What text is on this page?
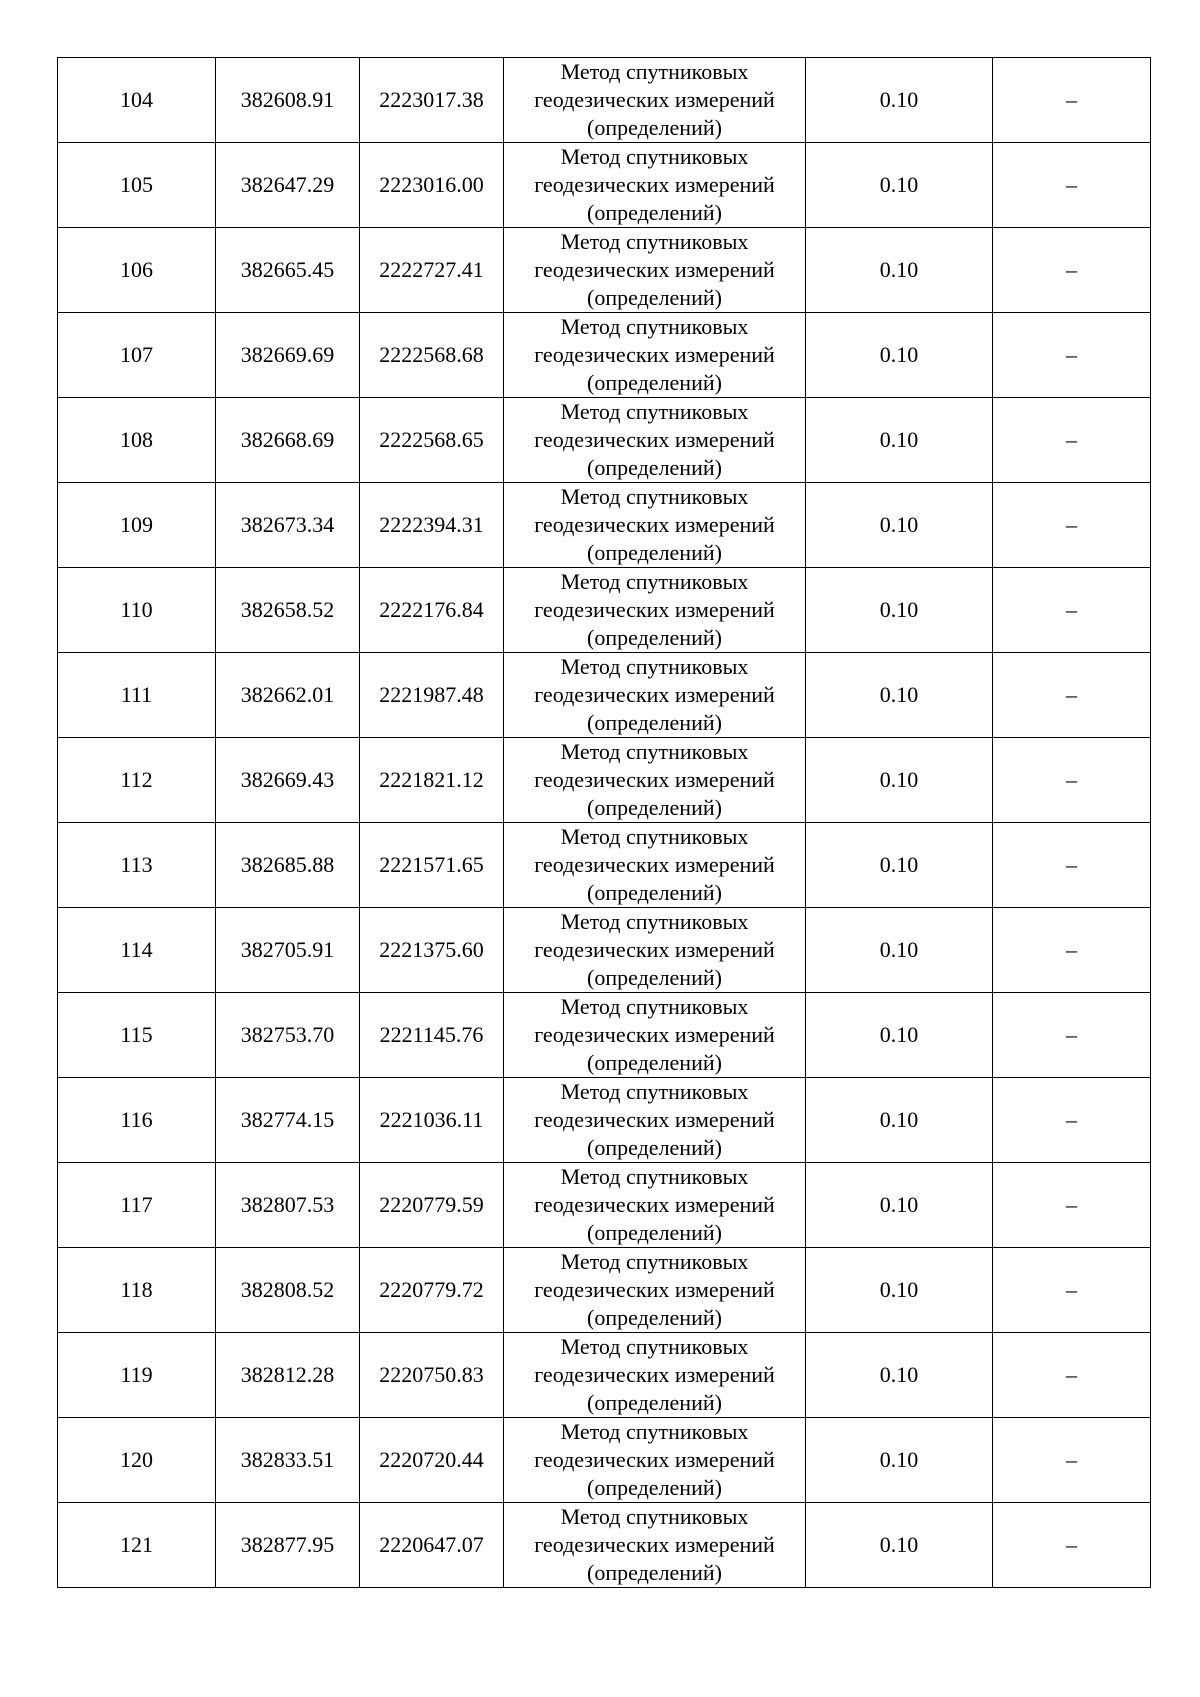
104	382608.91	2223017.38	Метод спутниковых
геодезических измерений
(определений)	0.10	–
105	382647.29	2223016.00	Метод спутниковых
геодезических измерений
(определений)	0.10	–
106	382665.45	2222727.41	Метод спутниковых
геодезических измерений
(определений)	0.10	–
107	382669.69	2222568.68	Метод спутниковых
геодезических измерений
(определений)	0.10	–
108	382668.69	2222568.65	Метод спутниковых
геодезических измерений
(определений)	0.10	–
109	382673.34	2222394.31	Метод спутниковых
геодезических измерений
(определений)	0.10	–
110	382658.52	2222176.84	Метод спутниковых
геодезических измерений
(определений)	0.10	–
111	382662.01	2221987.48	Метод спутниковых
геодезических измерений
(определений)	0.10	–
112	382669.43	2221821.12	Метод спутниковых
геодезических измерений
(определений)	0.10	–
113	382685.88	2221571.65	Метод спутниковых
геодезических измерений
(определений)	0.10	–
114	382705.91	2221375.60	Метод спутниковых
геодезических измерений
(определений)	0.10	–
115	382753.70	2221145.76	Метод спутниковых
геодезических измерений
(определений)	0.10	–
116	382774.15	2221036.11	Метод спутниковых
геодезических измерений
(определений)	0.10	–
117	382807.53	2220779.59	Метод спутниковых
геодезических измерений
(определений)	0.10	–
118	382808.52	2220779.72	Метод спутниковых
геодезических измерений
(определений)	0.10	–
119	382812.28	2220750.83	Метод спутниковых
геодезических измерений
(определений)	0.10	–
120	382833.51	2220720.44	Метод спутниковых
геодезических измерений
(определений)	0.10	–
121	382877.95	2220647.07	Метод спутниковых
геодезических измерений
(определений)	0.10	–
